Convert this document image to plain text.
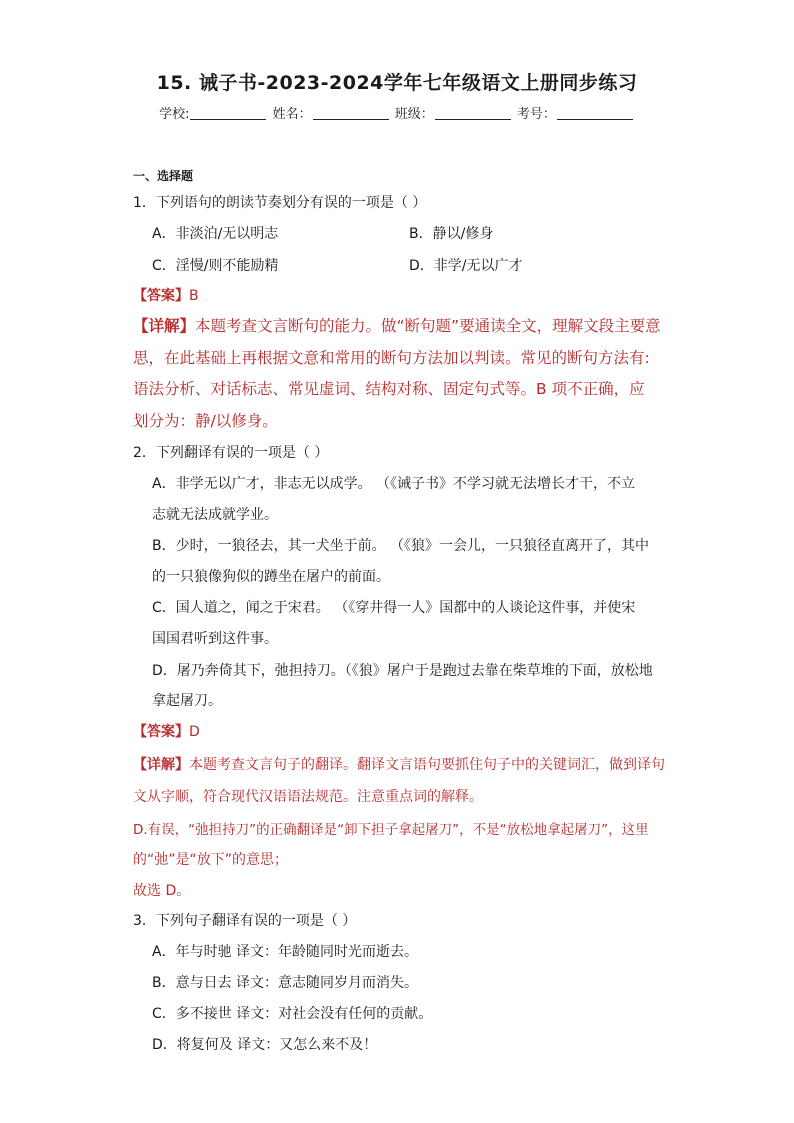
15. 诫子书-2023-2024学年七年级语文上册同步练习
学校:	姓名：	班级：	考号：
一、选择题
1．下列语句的朗读节奏划分有误的一项是（ ）
A．非淡泊/无以明志	B．静以/修身
C．淫慢/则不能励精	D．非学/无以广才
【答案】B
【详解】本题考查文言断句的能力。做“断句题”要通读全文，理解文段主要意
思，在此基础上再根据文意和常用的断句方法加以判读。常见的断句方法有:
语法分析、对话标志、常见虚词、结构对称、固定句式等。B 项不正确，应
划分为：静/以修身。
2．下列翻译有误的一项是（ ）
A．非学无以广才，非志无以成学。 （《诫子书》不学习就无法增长才干，不立
志就无法成就学业。
B．少时，一狼径去，其一犬坐于前。 （《狼》一会儿，一只狼径直离开了，其中
的一只狼像狗似的蹲坐在屠户的前面。
C．国人道之，闻之于宋君。 （《穿井得一人》国都中的人谈论这件事，并使宋
国国君听到这件事。
D．屠乃奔倚其下，弛担持刀。（《狼》屠户于是跑过去靠在柴草堆的下面，放松地
拿起屠刀。
【答案】D
【详解】本题考查文言句子的翻译。翻译文言语句要抓住句子中的关键词汇，做到译句
文从字顺，符合现代汉语语法规范。注意重点词的解释。
D.有误，“弛担持刀”的正确翻译是“卸下担子拿起屠刀”，不是“放松地拿起屠刀”，这里
的“弛”是“放下”的意思；
故选 D。
3．下列句子翻译有误的一项是（ ）
A．年与时驰 译文：年龄随同时光而逝去。
B．意与日去 译文：意志随同岁月而消失。
C．多不接世 译文：对社会没有任何的贡献。
D．将复何及 译文：又怎么来不及！
